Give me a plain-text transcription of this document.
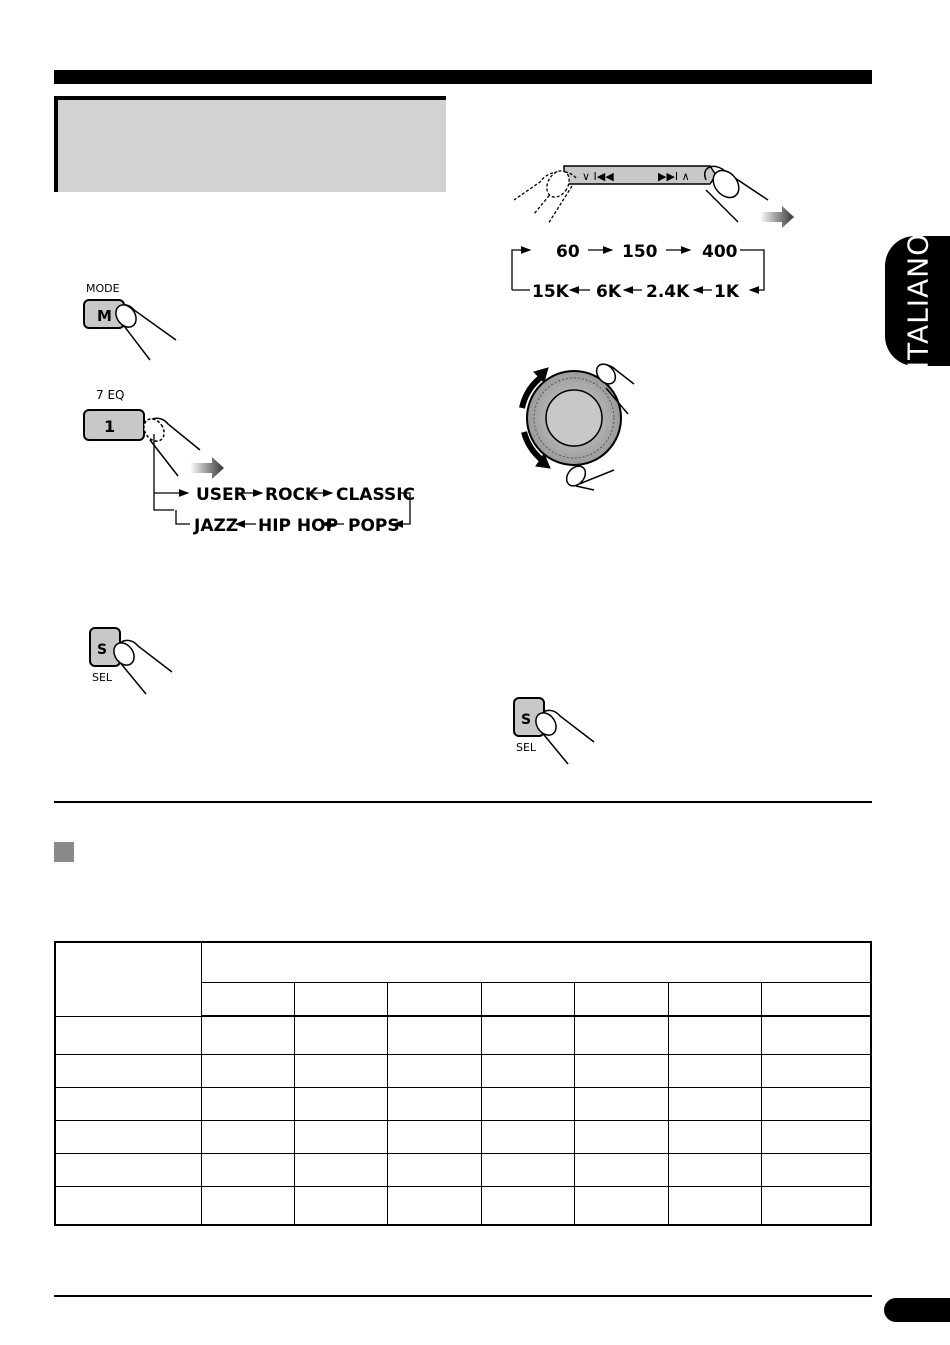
ITALIANO
MODE
M
7 EQ
1
USER ROCK CLASSIC
JAZZ HIP HOP POPS
S
SEL
∨ I◀◀	▶▶I ∧
60 150	400
15K 6K 2.4K 1K
S
SEL
